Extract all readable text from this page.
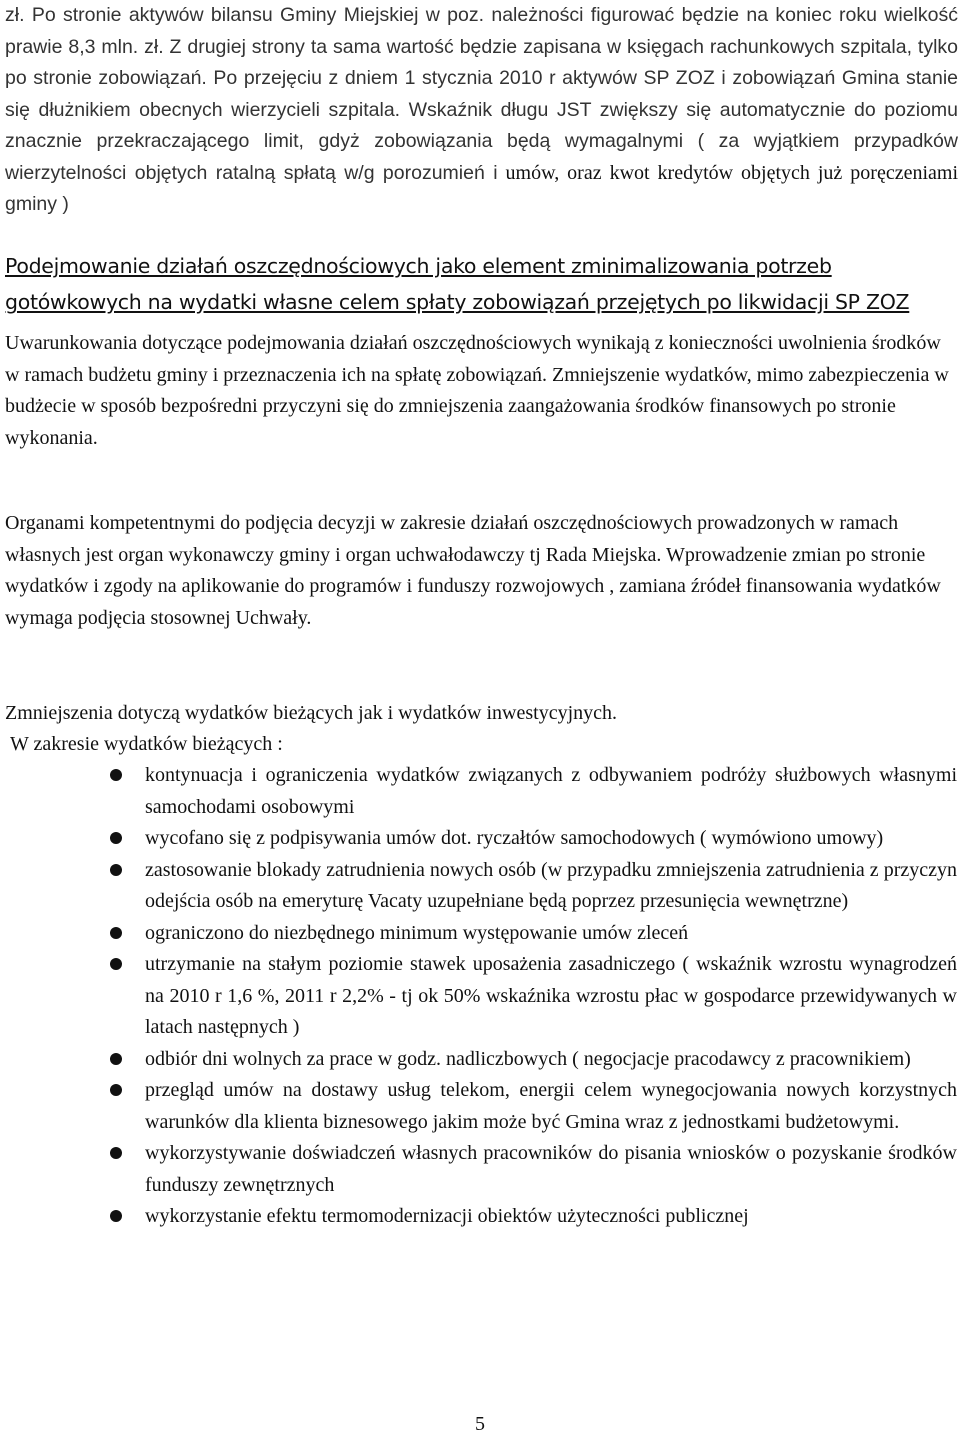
zł. Po stronie aktywów bilansu Gminy Miejskiej w poz. należności figurować będzie na koniec roku wielkość prawie 8,3 mln. zł. Z drugiej strony ta sama wartość będzie zapisana w księgach rachunkowych szpitala, tylko po stronie zobowiązań. Po przejęciu z dniem 1 stycznia 2010 r aktywów SP ZOZ i zobowiązań Gmina stanie się dłużnikiem obecnych wierzycieli szpitala. Wskaźnik długu JST zwiększy się automatycznie do poziomu znacznie przekraczającego limit, gdyż zobowiązania będą wymagalnymi ( za wyjątkiem przypadków wierzytelności objętych ratalną spłatą w/g porozumień i umów, oraz kwot kredytów objętych już poręczeniami gminy )

Podejmowanie działań oszczędnościowych jako element zminimalizowania potrzeb gotówkowych na wydatki własne celem spłaty zobowiązań przejętych po likwidacji SP ZOZ

Uwarunkowania dotyczące podejmowania działań oszczędnościowych wynikają z konieczności uwolnienia środków w ramach budżetu gminy i przeznaczenia ich na spłatę zobowiązań. Zmniejszenie wydatków, mimo zabezpieczenia w budżecie w sposób bezpośredni przyczyni się do zmniejszenia zaangażowania środków finansowych po stronie wykonania.

Organami kompetentnymi do podjęcia decyzji w zakresie działań oszczędnościowych prowadzonych w ramach własnych jest organ wykonawczy gminy i organ uchwałodawczy tj Rada Miejska. Wprowadzenie zmian po stronie wydatków i zgody na aplikowanie do programów i funduszy rozwojowych , zamiana źródeł finansowania wydatków wymaga podjęcia stosownej Uchwały.

Zmniejszenia dotyczą wydatków bieżących jak i wydatków inwestycyjnych.

W zakresie wydatków bieżących :

kontynuacja i ograniczenia wydatków związanych z odbywaniem podróży służbowych własnymi samochodami osobowymi
wycofano się z podpisywania umów dot. ryczałtów samochodowych ( wymówiono umowy)
zastosowanie blokady zatrudnienia nowych osób (w przypadku zmniejszenia zatrudnienia z przyczyn odejścia osób na emeryturę Vacaty uzupełniane będą poprzez przesunięcia wewnętrzne)
ograniczono do niezbędnego minimum występowanie umów zleceń
utrzymanie na stałym poziomie stawek uposażenia zasadniczego ( wskaźnik wzrostu wynagrodzeń na 2010 r 1,6 %, 2011 r 2,2% - tj ok 50% wskaźnika wzrostu płac w gospodarce przewidywanych w latach następnych )
odbiór dni wolnych za prace w godz. nadliczbowych ( negocjacje pracodawcy z pracownikiem)
przegląd umów na dostawy usług telekom, energii celem wynegocjowania nowych korzystnych warunków dla klienta biznesowego jakim może być Gmina wraz z jednostkami budżetowymi.
wykorzystywanie doświadczeń własnych pracowników do pisania wniosków o pozyskanie środków funduszy zewnętrznych
wykorzystanie efektu termomodernizacji obiektów użyteczności publicznej
5
